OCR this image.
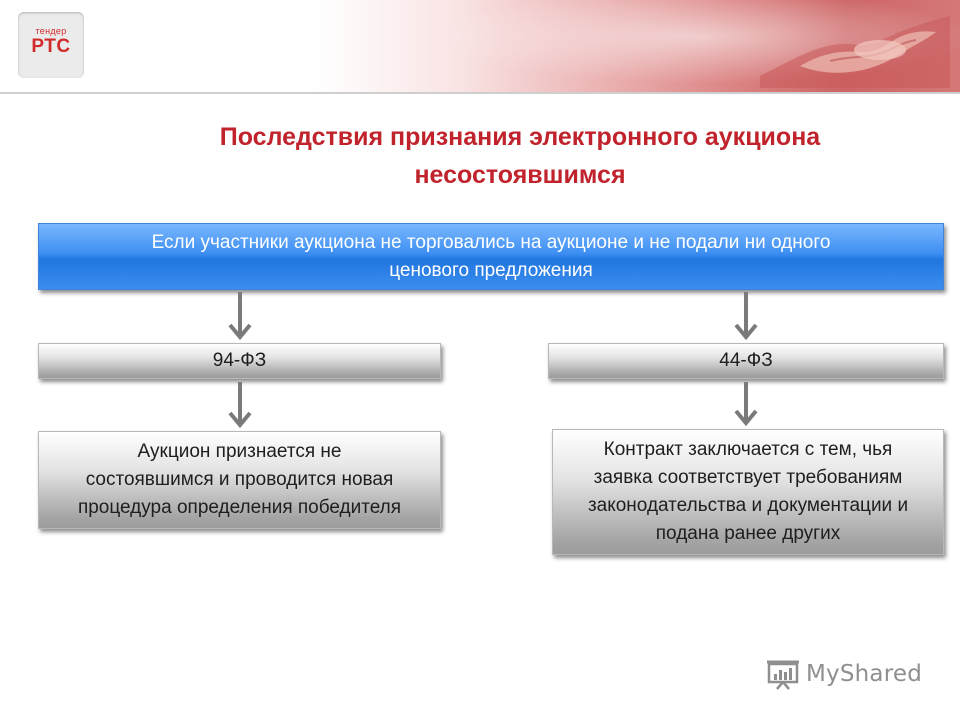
тендер
РТС
Последствия признания электронного аукциона
несостоявшимся
Если участники аукциона не торговались на аукционе и не подали ни одного
ценового предложения
94-ФЗ	44-ФЗ
Аукцион признается не
состоявшимся и проводится новая
процедура определения победителя
Контракт заключается с тем, чья
заявка соответствует требованиям
законодательства и документации и
подана ранее других
MyShared
